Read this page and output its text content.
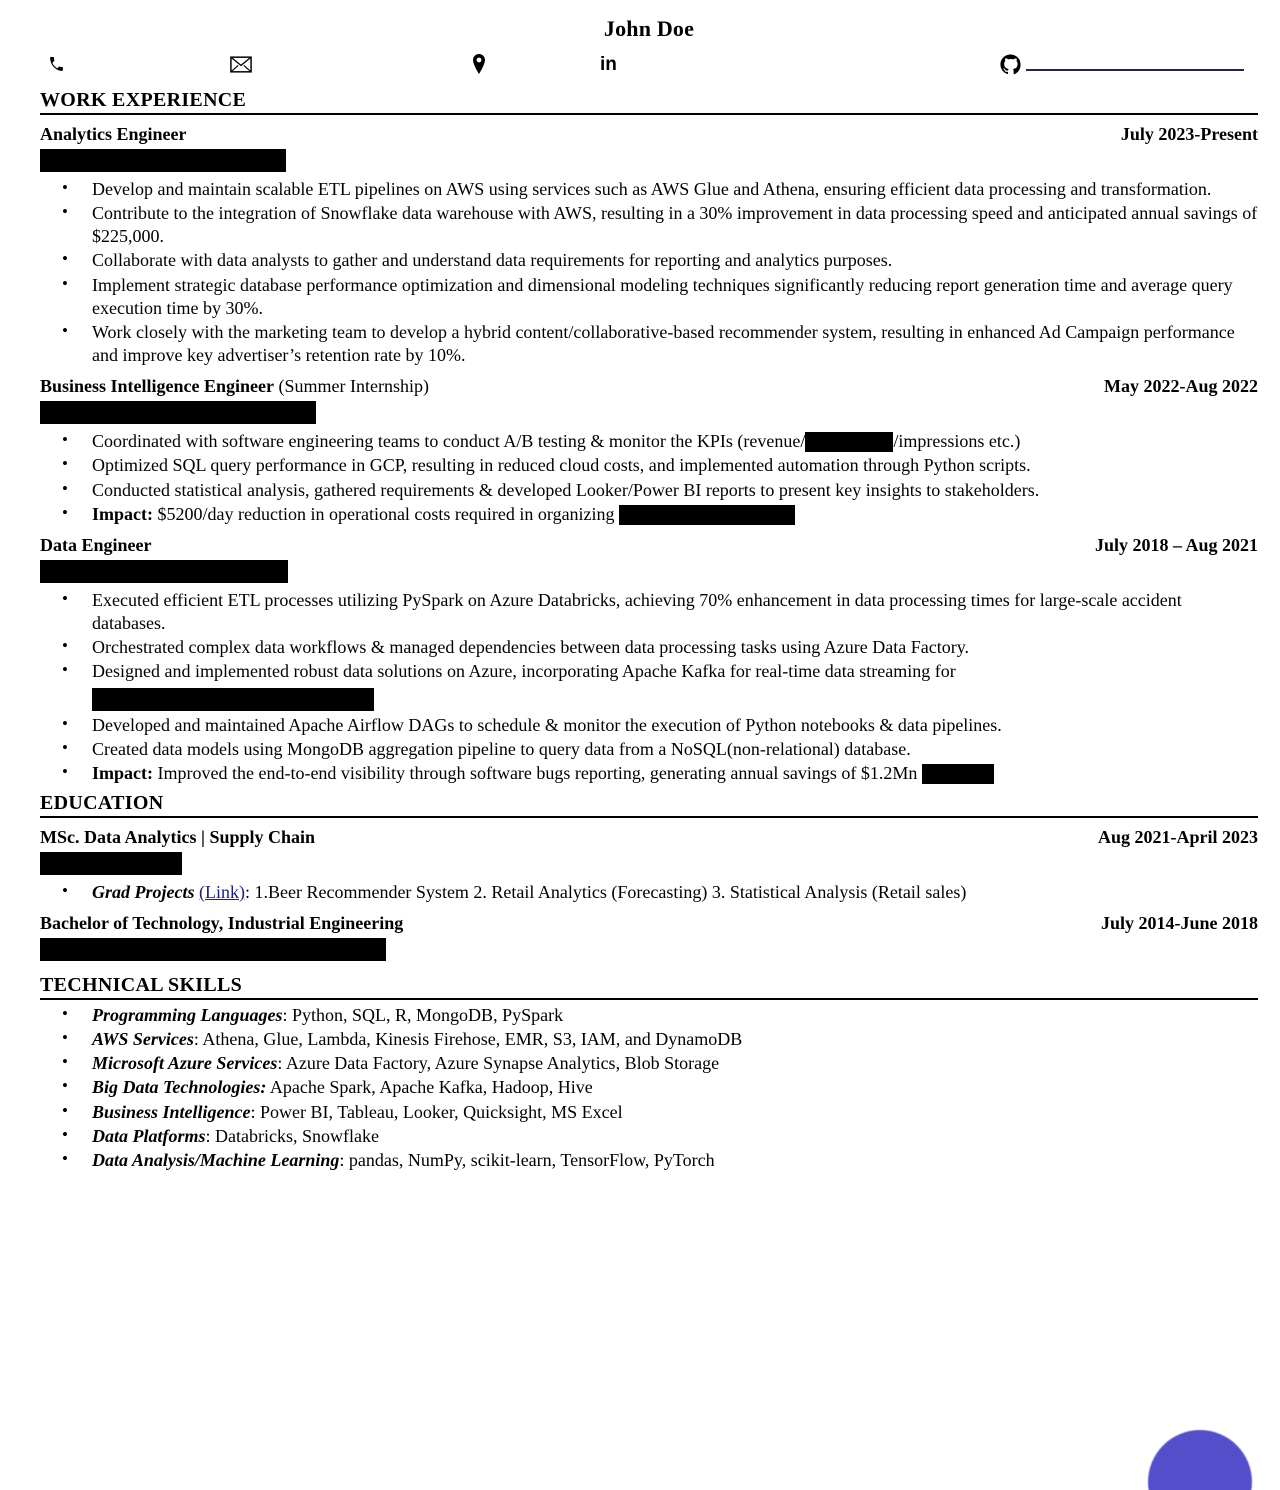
John Doe
in
WORK EXPERIENCE
Analytics Engineer	July 2023-Present
• Develop and maintain scalable ETL pipelines on AWS using services such as AWS Glue and Athena, ensuring efficient data processing and transformation.
• Contribute to the integration of Snowflake data warehouse with AWS, resulting in a 30% improvement in data processing speed and anticipated annual savings of $225,000.
• Collaborate with data analysts to gather and understand data requirements for reporting and analytics purposes.
• Implement strategic database performance optimization and dimensional modeling techniques significantly reducing report generation time and average query execution time by 30%.
• Work closely with the marketing team to develop a hybrid content/collaborative-based recommender system, resulting in enhanced Ad Campaign performance and improve key advertiser’s retention rate by 10%.
Business Intelligence Engineer (Summer Internship)	May 2022-Aug 2022
• Coordinated with software engineering teams to conduct A/B testing & monitor the KPIs (revenue/	/impressions etc.)
• Optimized SQL query performance in GCP, resulting in reduced cloud costs, and implemented automation through Python scripts.
• Conducted statistical analysis, gathered requirements & developed Looker/Power BI reports to present key insights to stakeholders.
• Impact: $5200/day reduction in operational costs required in organizing
Data Engineer	July 2018 – Aug 2021
• Executed efficient ETL processes utilizing PySpark on Azure Databricks, achieving 70% enhancement in data processing times for large-scale accident databases.
• Orchestrated complex data workflows & managed dependencies between data processing tasks using Azure Data Factory.
• Designed and implemented robust data solutions on Azure, incorporating Apache Kafka for real-time data streaming for

• Developed and maintained Apache Airflow DAGs to schedule & monitor the execution of Python notebooks & data pipelines.
• Created data models using MongoDB aggregation pipeline to query data from a NoSQL(non-relational) database.
• Impact: Improved the end-to-end visibility through software bugs reporting, generating annual savings of $1.2Mn
EDUCATION
MSc. Data Analytics | Supply Chain	Aug 2021-April 2023
• Grad Projects (Link): 1.Beer Recommender System 2. Retail Analytics (Forecasting) 3. Statistical Analysis (Retail sales)
Bachelor of Technology, Industrial Engineering	July 2014-June 2018
TECHNICAL SKILLS
• Programming Languages: Python, SQL, R, MongoDB, PySpark
• AWS Services: Athena, Glue, Lambda, Kinesis Firehose, EMR, S3, IAM, and DynamoDB
• Microsoft Azure Services: Azure Data Factory, Azure Synapse Analytics, Blob Storage
• Big Data Technologies: Apache Spark, Apache Kafka, Hadoop, Hive
• Business Intelligence: Power BI, Tableau, Looker, Quicksight, MS Excel
• Data Platforms: Databricks, Snowflake
• Data Analysis/Machine Learning: pandas, NumPy, scikit-learn, TensorFlow, PyTorch
